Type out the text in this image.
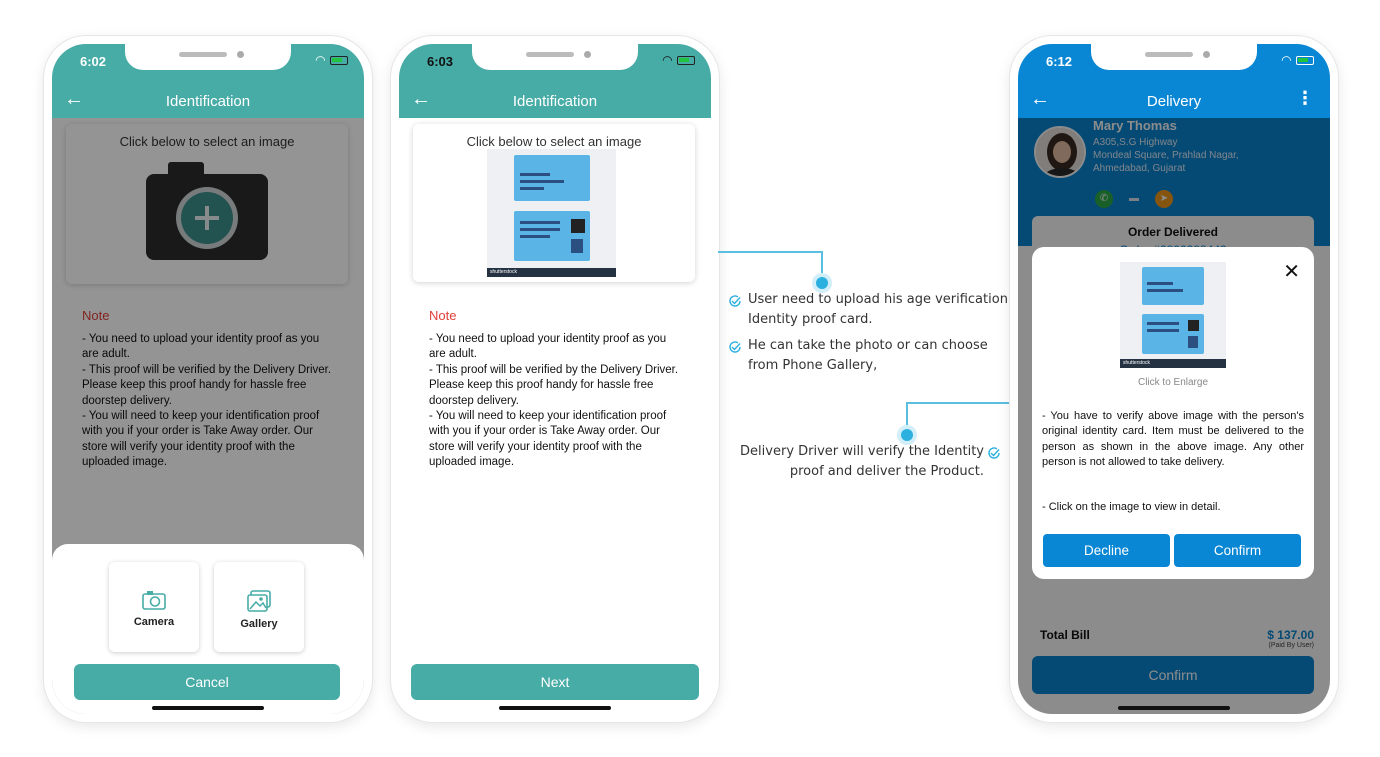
←	Identification
6:02	◠
Click below to select an image
Note
- You need to upload your identity proof as you are adult.
- This proof will be verified by the Delivery Driver. Please keep this proof handy for hassle free doorstep delivery.
- You will need to keep your identification proof with you if your order is Take Away order. Our store will verify your identity proof with the uploaded image.
Camera	Gallery
Cancel
←	Identification
6:03	◠
Click below to select an image
shutterstock
Note
- You need to upload your identity proof as you are adult.
- This proof will be verified by the Delivery Driver. Please keep this proof handy for hassle free doorstep delivery.
- You will need to keep your identification proof with you if your order is Take Away order. Our store will verify your identity proof with the uploaded image.
Next
User need to upload his age verification Identity proof card.
He can take the photo or can choose from Phone Gallery,
Delivery Driver will verify the Identity proof and deliver the Product.
←	Delivery	⋮
6:12	◠
Mary Thomas
A305,S.G Highway
Mondeal Square, Prahlad Nagar,
Ahmedabad, Gujarat
✆	▬	➤
Order Delivered
Total Bill	$ 137.00
(Paid By User)
Confirm
✕
shutterstock
Click to Enlarge
- You have to verify above image with the person's original identity card. Item must be delivered to the person as shown in the above image. Any other person is not allowed to take delivery.
- Click on the image to view in detail.
Decline	Confirm
